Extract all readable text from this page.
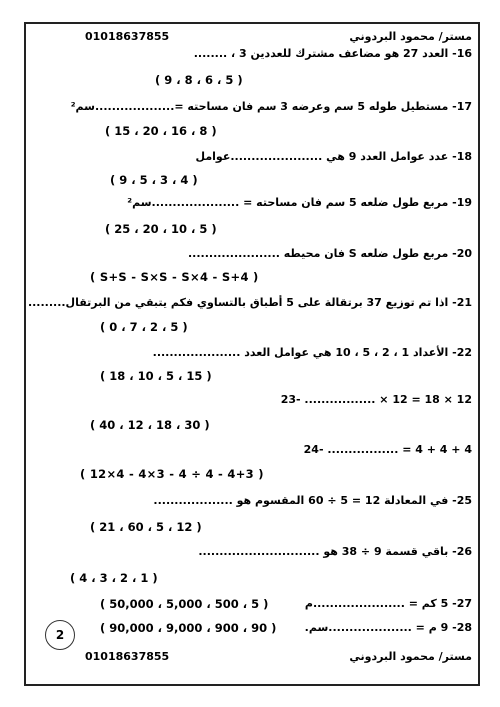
01018637855	مستر/ محمود البردوني
16- العدد 27 هو مضاعف مشترك للعددين 3 ، ........
( 9 ، 8 ، 6 ، 5 )
17- مستطيل طوله 5 سم وعرضه 3 سم فان مساحته =...................سم²
( 15 ، 20 ، 16 ، 8 )
18- عدد عوامل العدد 9 هي ......................عوامل
( 9 ، 5 ، 3 ، 4 )
19- مربع طول ضلعه 5 سم فان مساحته = .....................سم²
( 25 ، 20 ، 10 ، 5 )
20- مربع طول ضلعه S فان محيطه ......................
( S+S - S×S - S×4 - S+4 )
21- اذا تم توزيع 37 برتقالة على 5 أطباق بالتساوي فكم يتبقي من البرتقال.........
( 0 ، 7 ، 2 ، 5 )
22- الأعداد 1 ، 2 ، 5 ، 10 هي عوامل العدد .....................
( 18 ، 10 ، 5 ، 15 )
23- ................. × 12 = 18 × 12
( 40 ، 12 ، 18 ، 30 )
24- ................. = 4 + 4 + 4
( 12×4 - 4×3 - 4 ÷ 4 - 4+3 )
25- في المعادلة 12 = 5 ÷ 60 المقسوم هو ...................
( 21 ، 60 ، 5 ، 12 )
26- باقي قسمة 9 ÷ 38 هو .............................
( 4 ، 3 ، 2 ، 1 )
27- 5 كم = ......................م
( 50,000 ، 5,000 ، 500 ، 5 )
28- 9 م = ....................سم.
( 90,000 ، 9,000 ، 900 ، 90 )
2
01018637855	مستر/ محمود البردوني
